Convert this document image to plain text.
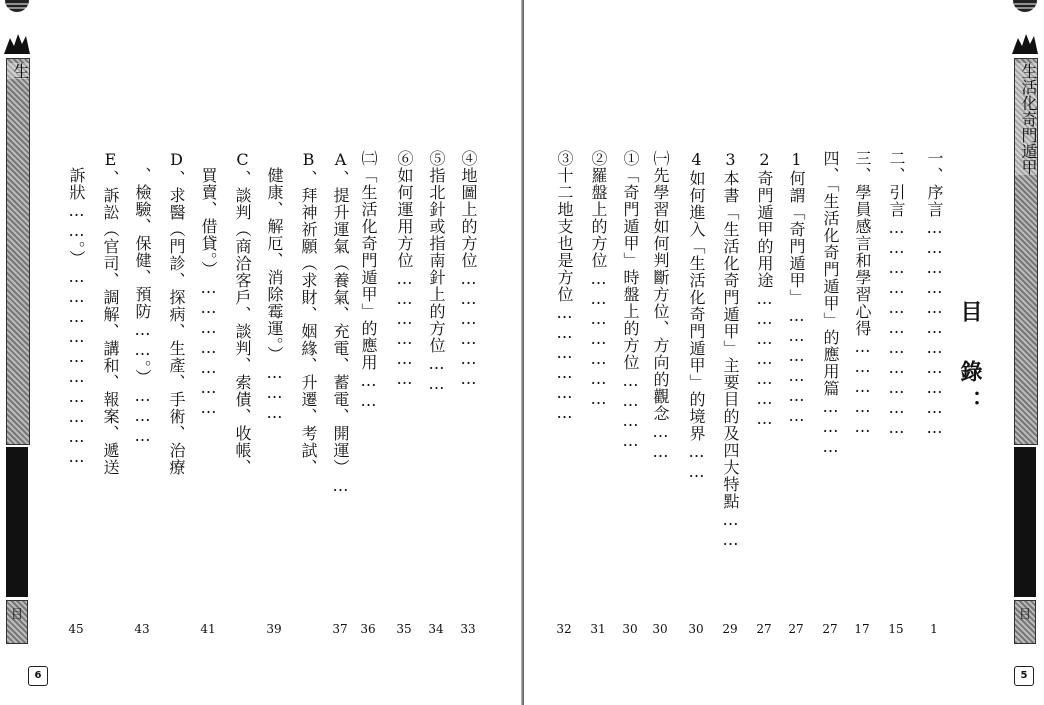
生
目
6
④地圖上的方位………………
33
⑤指北針或指南針上的方位……
34
⑥如何運用方位………………
35
㈡「生活化奇門遁甲」的應用……
36
A、提升運氣（養氣、充電、蓄電、開運）…
37
B、拜神祈願（求財、姻緣、升遷、考試、
　健康、解厄、消除霉運。）………
39
C、談判（商洽客戶、談判、索債、收帳、
　買賣、借貸。）…………………
41
D、求醫（門診、探病、生產、手術、治療
　、檢驗、保健、預防……。）………
43
E、訴訟（官司、調解、講和、報案、遞送
　訴狀……。）…………………………
45
目　錄：
一、序言……………………………
1
二、引言……………………………
15
三、學員感言和學習心得……………
17
四、「生活化奇門遁甲」的應用篇………
27
1何謂「奇門遁甲」………………
27
2奇門遁甲的用途…………………
27
3本書「生活化奇門遁甲」主要目的及四大特點……
29
4如何進入「生活化奇門遁甲」的境界……
30
㈠先學習如何判斷方位、方向的觀念……
30
①「奇門遁甲」時盤上的方位…………
30
②羅盤上的方位…………………
31
③十二地支也是方位………………
32
生活化奇門遁甲
目
5
